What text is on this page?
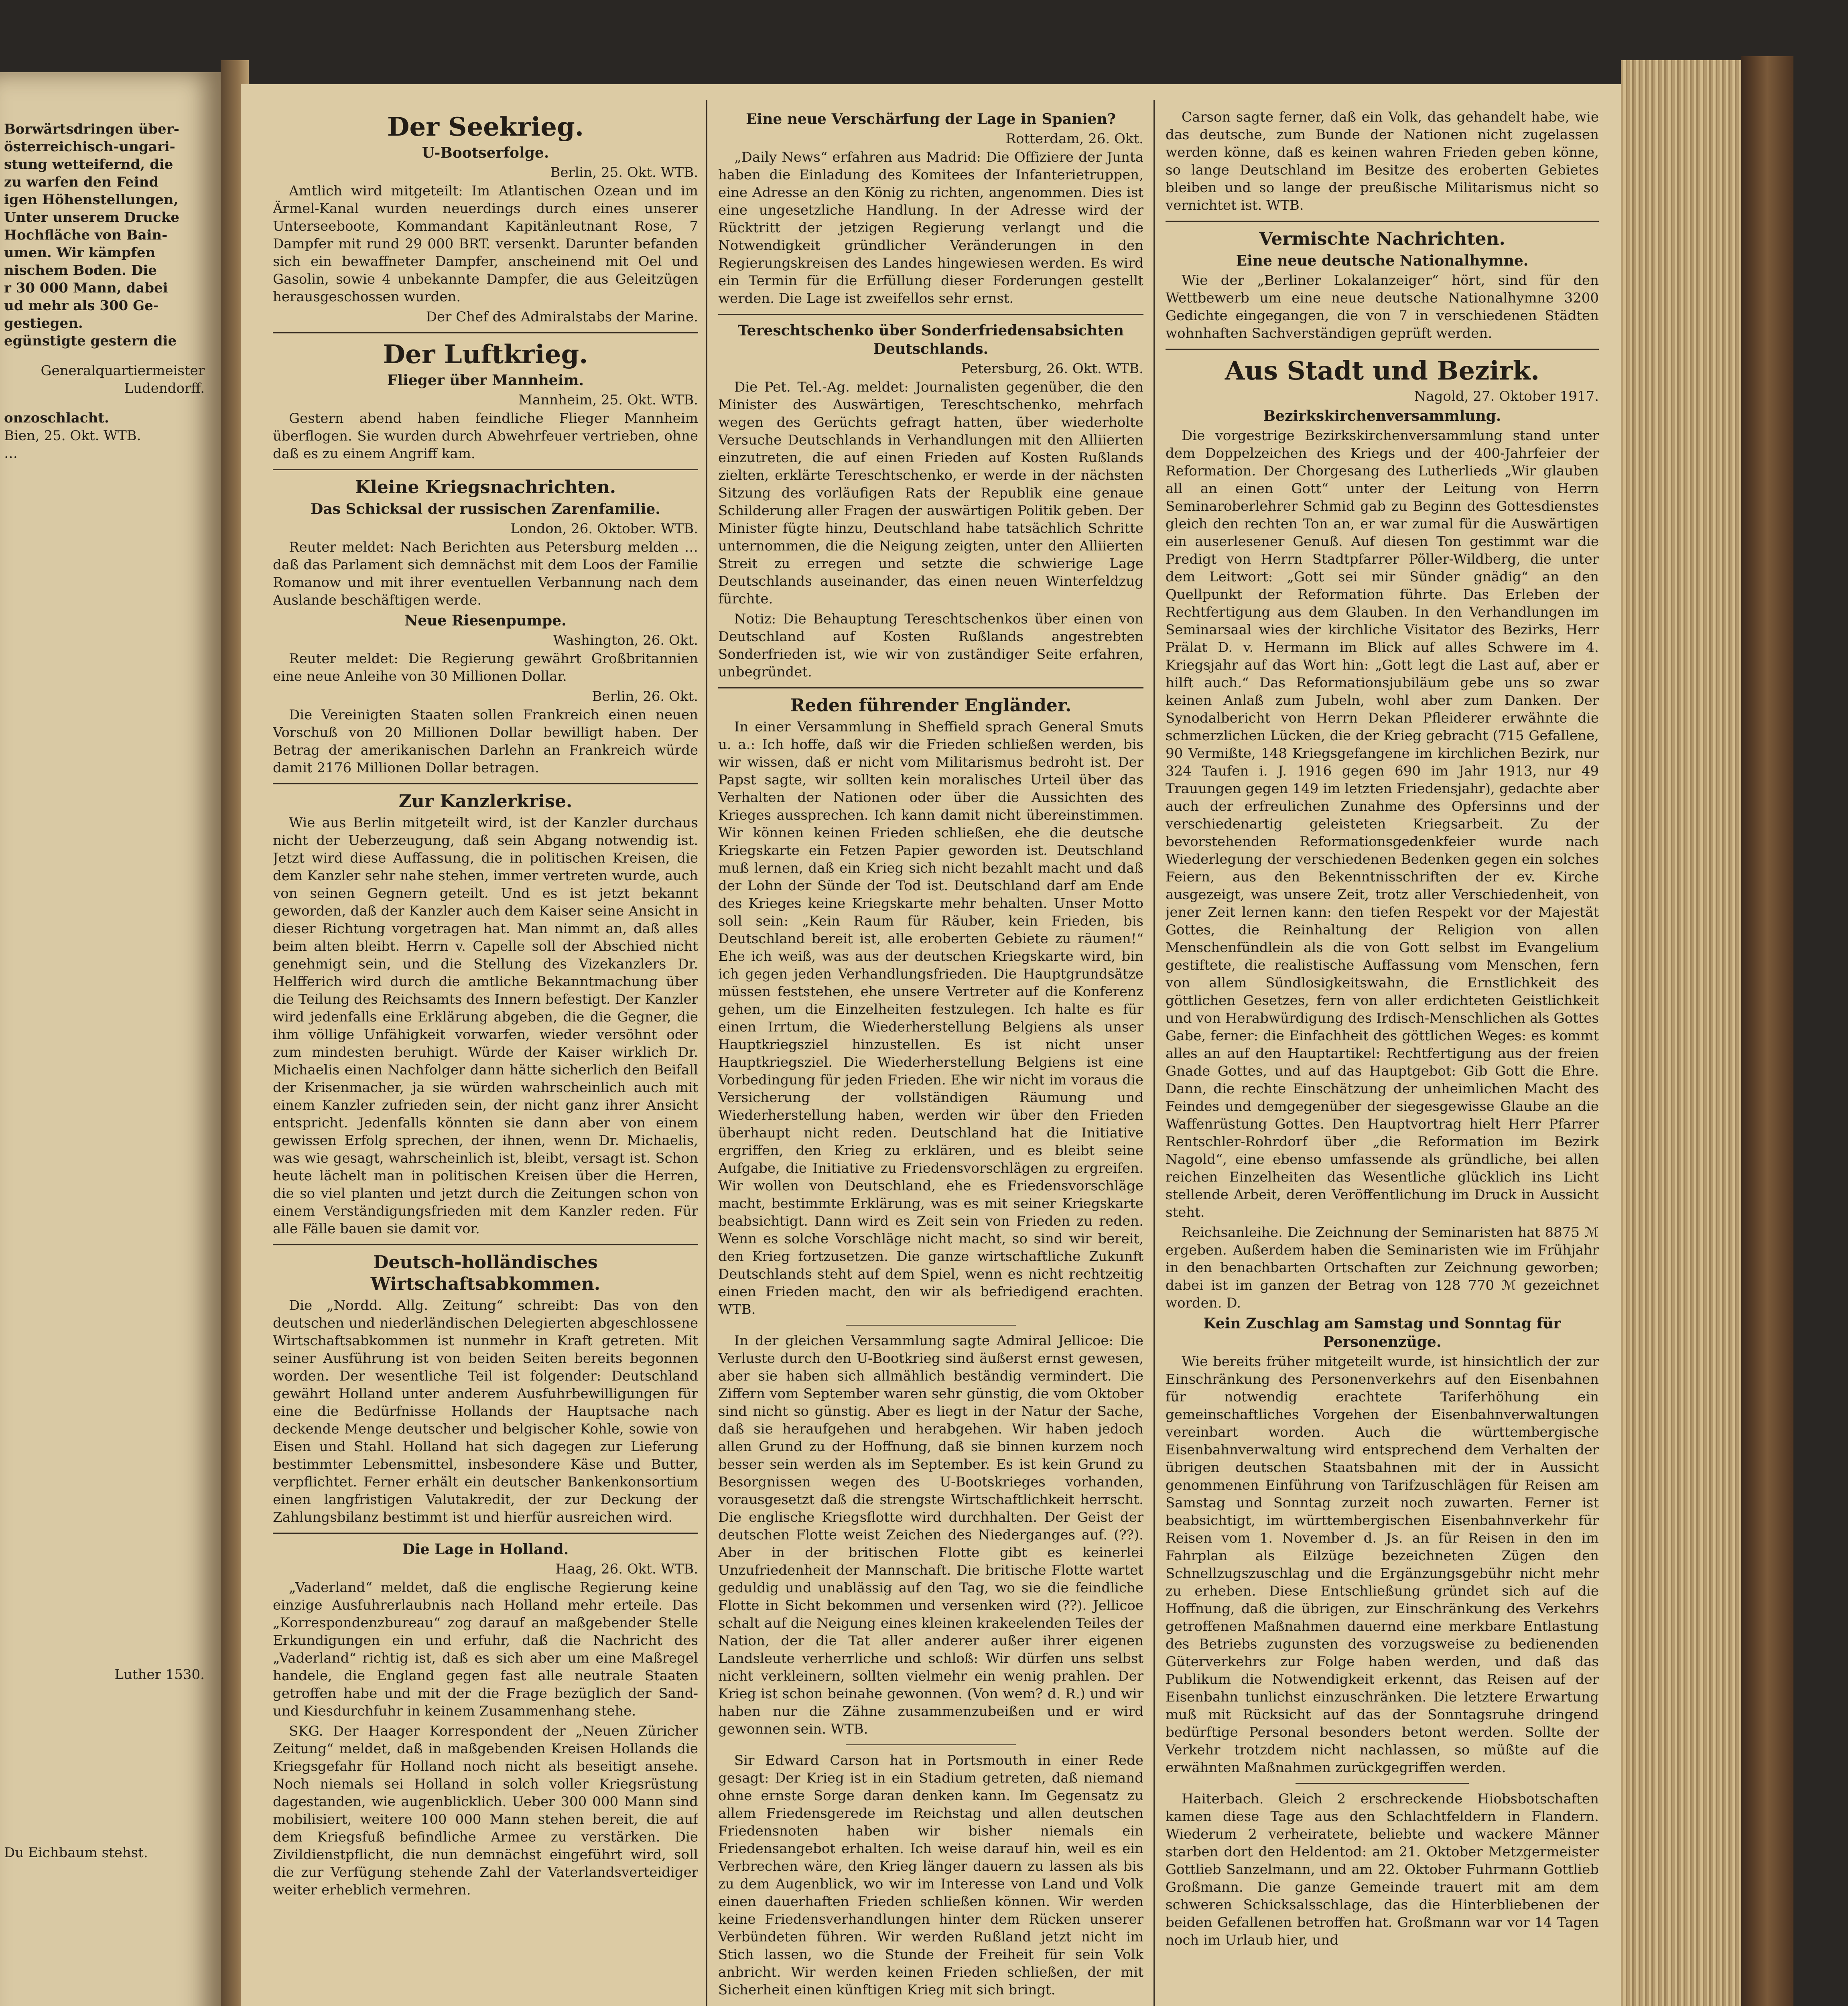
Borwärtsdringen über-
österreichisch-ungari-
stung wetteifernd, die
zu warfen den Feind
igen Höhenstellungen,
Unter unserem Drucke
Hochfläche von Bain-
umen. Wir kämpfen
nischem Boden. Die
r 30 000 Mann, dabei
ud mehr als 300 Ge-
gestiegen.
egünstigte gestern die
Generalquartiermeister
Ludendorff.
onzoschlacht.
Bien, 25. Okt. WTB.
…
Luther 1530.
Du Eichbaum stehst.
Der Seekrieg.
U-Bootserfolge.
Berlin, 25. Okt. WTB.

Amtlich wird mitgeteilt: Im Atlantischen Ozean und im Ärmel-Kanal wurden neuerdings durch eines unserer Unterseeboote, Kommandant Kapitänleutnant Rose, 7 Dampfer mit rund 29 000 BRT. versenkt. Darunter befanden sich ein bewaffneter Dampfer, anscheinend mit Oel und Gasolin, sowie 4 unbekannte Dampfer, die aus Geleitzügen herausgeschossen wurden.

Der Chef des Admiralstabs der Marine.
Der Luftkrieg.
Flieger über Mannheim.
Mannheim, 25. Okt. WTB.

Gestern abend haben feindliche Flieger Mannheim überflogen. Sie wurden durch Abwehrfeuer vertrieben, ohne daß es zu einem Angriff kam.

Kleine Kriegsnachrichten.
Das Schicksal der russischen Zarenfamilie.
London, 26. Oktober. WTB.

Reuter meldet: Nach Berichten aus Petersburg melden … daß das Parlament sich demnächst mit dem Loos der Familie Romanow und mit ihrer eventuellen Verbannung nach dem Auslande beschäftigen werde.

Neue Riesenpumpe.
Washington, 26. Okt.

Reuter meldet: Die Regierung gewährt Großbritannien eine neue Anleihe von 30 Millionen Dollar.

Berlin, 26. Okt.

Die Vereinigten Staaten sollen Frankreich einen neuen Vorschuß von 20 Millionen Dollar bewilligt haben. Der Betrag der amerikanischen Darlehn an Frankreich würde damit 2176 Millionen Dollar betragen.

Zur Kanzlerkrise.

Wie aus Berlin mitgeteilt wird, ist der Kanzler durchaus nicht der Ueberzeugung, daß sein Abgang notwendig ist. Jetzt wird diese Auffassung, die in politischen Kreisen, die dem Kanzler sehr nahe stehen, immer vertreten wurde, auch von seinen Gegnern geteilt. Und es ist jetzt bekannt geworden, daß der Kanzler auch dem Kaiser seine Ansicht in dieser Richtung vorgetragen hat. Man nimmt an, daß alles beim alten bleibt. Herrn v. Capelle soll der Abschied nicht genehmigt sein, und die Stellung des Vizekanzlers Dr. Helfferich wird durch die amtliche Bekanntmachung über die Teilung des Reichsamts des Innern befestigt. Der Kanzler wird jedenfalls eine Erklärung abgeben, die die Gegner, die ihm völlige Unfähigkeit vorwarfen, wieder versöhnt oder zum mindesten beruhigt. Würde der Kaiser wirklich Dr. Michaelis einen Nachfolger dann hätte sicherlich den Beifall der Krisenmacher, ja sie würden wahrscheinlich auch mit einem Kanzler zufrieden sein, der nicht ganz ihrer Ansicht entspricht. Jedenfalls könnten sie dann aber von einem gewissen Erfolg sprechen, der ihnen, wenn Dr. Michaelis, was wie gesagt, wahrscheinlich ist, bleibt, versagt ist. Schon heute lächelt man in politischen Kreisen über die Herren, die so viel planten und jetzt durch die Zeitungen schon von einem Verständigungsfrieden mit dem Kanzler reden. Für alle Fälle bauen sie damit vor.

Deutsch-holländisches Wirtschaftsabkommen.

Die „Nordd. Allg. Zeitung“ schreibt: Das von den deutschen und niederländischen Delegierten abgeschlossene Wirtschaftsabkommen ist nunmehr in Kraft getreten. Mit seiner Ausführung ist von beiden Seiten bereits begonnen worden. Der wesentliche Teil ist folgender: Deutschland gewährt Holland unter anderem Ausfuhrbewilligungen für eine die Bedürfnisse Hollands der Hauptsache nach deckende Menge deutscher und belgischer Kohle, sowie von Eisen und Stahl. Holland hat sich dagegen zur Lieferung bestimmter Lebensmittel, insbesondere Käse und Butter, verpflichtet. Ferner erhält ein deutscher Bankenkonsortium einen langfristigen Valutakredit, der zur Deckung der Zahlungsbilanz bestimmt ist und hierfür ausreichen wird.

Die Lage in Holland.
Haag, 26. Okt. WTB.

„Vaderland“ meldet, daß die englische Regierung keine einzige Ausfuhrerlaubnis nach Holland mehr erteile. Das „Korrespondenzbureau“ zog darauf an maßgebender Stelle Erkundigungen ein und erfuhr, daß die Nachricht des „Vaderland“ richtig ist, daß es sich aber um eine Maßregel handele, die England gegen fast alle neutrale Staaten getroffen habe und mit der die Frage bezüglich der Sand- und Kiesdurchfuhr in keinem Zusammenhang stehe.

SKG. Der Haager Korrespondent der „Neuen Züricher Zeitung“ meldet, daß in maßgebenden Kreisen Hollands die Kriegsgefahr für Holland noch nicht als beseitigt ansehe. Noch niemals sei Holland in solch voller Kriegsrüstung dagestanden, wie augenblicklich. Ueber 300 000 Mann sind mobilisiert, weitere 100 000 Mann stehen bereit, die auf dem Kriegsfuß befindliche Armee zu verstärken. Die Zivildienstpflicht, die nun demnächst eingeführt wird, soll die zur Verfügung stehende Zahl der Vaterlandsverteidiger weiter erheblich vermehren.

Eine neue Verschärfung der Lage in Spanien?
Rotterdam, 26. Okt.

„Daily News“ erfahren aus Madrid: Die Offiziere der Junta haben die Einladung des Komitees der Infanterietruppen, eine Adresse an den König zu richten, angenommen. Dies ist eine ungesetzliche Handlung. In der Adresse wird der Rücktritt der jetzigen Regierung verlangt und die Notwendigkeit gründlicher Veränderungen in den Regierungskreisen des Landes hingewiesen werden. Es wird ein Termin für die Erfüllung dieser Forderungen gestellt werden. Die Lage ist zweifellos sehr ernst.

Tereschtschenko über Sonderfriedensabsichten Deutschlands.
Petersburg, 26. Okt. WTB.

Die Pet. Tel.-Ag. meldet: Journalisten gegenüber, die den Minister des Auswärtigen, Tereschtschenko, mehrfach wegen des Gerüchts gefragt hatten, über wiederholte Versuche Deutschlands in Verhandlungen mit den Alliierten einzutreten, die auf einen Frieden auf Kosten Rußlands zielten, erklärte Tereschtschenko, er werde in der nächsten Sitzung des vorläufigen Rats der Republik eine genaue Schilderung aller Fragen der auswärtigen Politik geben. Der Minister fügte hinzu, Deutschland habe tatsächlich Schritte unternommen, die die Neigung zeigten, unter den Alliierten Streit zu erregen und setzte die schwierige Lage Deutschlands auseinander, das einen neuen Winterfeldzug fürchte.

Notiz: Die Behauptung Tereschtschenkos über einen von Deutschland auf Kosten Rußlands angestrebten Sonderfrieden ist, wie wir von zuständiger Seite erfahren, unbegründet.

Reden führender Engländer.

In einer Versammlung in Sheffield sprach General Smuts u. a.: Ich hoffe, daß wir die Frieden schließen werden, bis wir wissen, daß er nicht vom Militarismus bedroht ist. Der Papst sagte, wir sollten kein moralisches Urteil über das Verhalten der Nationen oder über die Aussichten des Krieges aussprechen. Ich kann damit nicht übereinstimmen. Wir können keinen Frieden schließen, ehe die deutsche Kriegskarte ein Fetzen Papier geworden ist. Deutschland muß lernen, daß ein Krieg sich nicht bezahlt macht und daß der Lohn der Sünde der Tod ist. Deutschland darf am Ende des Krieges keine Kriegskarte mehr behalten. Unser Motto soll sein: „Kein Raum für Räuber, kein Frieden, bis Deutschland bereit ist, alle eroberten Gebiete zu räumen!“ Ehe ich weiß, was aus der deutschen Kriegskarte wird, bin ich gegen jeden Verhandlungsfrieden. Die Hauptgrundsätze müssen feststehen, ehe unsere Vertreter auf die Konferenz gehen, um die Einzelheiten festzulegen. Ich halte es für einen Irrtum, die Wiederherstellung Belgiens als unser Hauptkriegsziel hinzustellen. Es ist nicht unser Hauptkriegsziel. Die Wiederherstellung Belgiens ist eine Vorbedingung für jeden Frieden. Ehe wir nicht im voraus die Versicherung der vollständigen Räumung und Wiederherstellung haben, werden wir über den Frieden überhaupt nicht reden. Deutschland hat die Initiative ergriffen, den Krieg zu erklären, und es bleibt seine Aufgabe, die Initiative zu Friedensvorschlägen zu ergreifen. Wir wollen von Deutschland, ehe es Friedensvorschläge macht, bestimmte Erklärung, was es mit seiner Kriegskarte beabsichtigt. Dann wird es Zeit sein von Frieden zu reden. Wenn es solche Vorschläge nicht macht, so sind wir bereit, den Krieg fortzusetzen. Die ganze wirtschaftliche Zukunft Deutschlands steht auf dem Spiel, wenn es nicht rechtzeitig einen Frieden macht, den wir als befriedigend erachten. WTB.

In der gleichen Versammlung sagte Admiral Jellicoe: Die Verluste durch den U-Bootkrieg sind äußerst ernst gewesen, aber sie haben sich allmählich beständig vermindert. Die Ziffern vom September waren sehr günstig, die vom Oktober sind nicht so günstig. Aber es liegt in der Natur der Sache, daß sie heraufgehen und herabgehen. Wir haben jedoch allen Grund zu der Hoffnung, daß sie binnen kurzem noch besser sein werden als im September. Es ist kein Grund zu Besorgnissen wegen des U-Bootskrieges vorhanden, vorausgesetzt daß die strengste Wirtschaftlichkeit herrscht. Die englische Kriegsflotte wird durchhalten. Der Geist der deutschen Flotte weist Zeichen des Niederganges auf. (??). Aber in der britischen Flotte gibt es keinerlei Unzufriedenheit der Mannschaft. Die britische Flotte wartet geduldig und unablässig auf den Tag, wo sie die feindliche Flotte in Sicht bekommen und versenken wird (??). Jellicoe schalt auf die Neigung eines kleinen krakeelenden Teiles der Nation, der die Tat aller anderer außer ihrer eigenen Landsleute verherrliche und schloß: Wir dürfen uns selbst nicht verkleinern, sollten vielmehr ein wenig prahlen. Der Krieg ist schon beinahe gewonnen. (Von wem? d. R.) und wir haben nur die Zähne zusammenzubeißen und er wird gewonnen sein. WTB.

Sir Edward Carson hat in Portsmouth in einer Rede gesagt: Der Krieg ist in ein Stadium getreten, daß niemand ohne ernste Sorge daran denken kann. Im Gegensatz zu allem Friedensgerede im Reichstag und allen deutschen Friedensnoten haben wir bisher niemals ein Friedensangebot erhalten. Ich weise darauf hin, weil es ein Verbrechen wäre, den Krieg länger dauern zu lassen als bis zu dem Augenblick, wo wir im Interesse von Land und Volk einen dauerhaften Frieden schließen können. Wir werden keine Friedensverhandlungen hinter dem Rücken unserer Verbündeten führen. Wir werden Rußland jetzt nicht im Stich lassen, wo die Stunde der Freiheit für sein Volk anbricht. Wir werden keinen Frieden schließen, der mit Sicherheit einen künftigen Krieg mit sich bringt.

Carson sagte ferner, daß ein Volk, das gehandelt habe, wie das deutsche, zum Bunde der Nationen nicht zugelassen werden könne, daß es keinen wahren Frieden geben könne, so lange Deutschland im Besitze des eroberten Gebietes bleiben und so lange der preußische Militarismus nicht so vernichtet ist. WTB.

Vermischte Nachrichten.
Eine neue deutsche Nationalhymne.

Wie der „Berliner Lokalanzeiger“ hört, sind für den Wettbewerb um eine neue deutsche Nationalhymne 3200 Gedichte eingegangen, die von 7 in verschiedenen Städten wohnhaften Sachverständigen geprüft werden.

Aus Stadt und Bezirk.
Nagold, 27. Oktober 1917.
Bezirkskirchenversammlung.

Die vorgestrige Bezirkskirchenversammlung stand unter dem Doppelzeichen des Kriegs und der 400-Jahrfeier der Reformation. Der Chorgesang des Lutherlieds „Wir glauben all an einen Gott“ unter der Leitung von Herrn Seminaroberlehrer Schmid gab zu Beginn des Gottesdienstes gleich den rechten Ton an, er war zumal für die Auswärtigen ein auserlesener Genuß. Auf diesen Ton gestimmt war die Predigt von Herrn Stadtpfarrer Pöller-Wildberg, die unter dem Leitwort: „Gott sei mir Sünder gnädig“ an den Quellpunkt der Reformation führte. Das Erleben der Rechtfertigung aus dem Glauben. In den Verhandlungen im Seminarsaal wies der kirchliche Visitator des Bezirks, Herr Prälat D. v. Hermann im Blick auf alles Schwere im 4. Kriegsjahr auf das Wort hin: „Gott legt die Last auf, aber er hilft auch.“ Das Reformationsjubiläum gebe uns so zwar keinen Anlaß zum Jubeln, wohl aber zum Danken. Der Synodalbericht von Herrn Dekan Pfleiderer erwähnte die schmerzlichen Lücken, die der Krieg gebracht (715 Gefallene, 90 Vermißte, 148 Kriegsgefangene im kirchlichen Bezirk, nur 324 Taufen i. J. 1916 gegen 690 im Jahr 1913, nur 49 Trauungen gegen 149 im letzten Friedensjahr), gedachte aber auch der erfreulichen Zunahme des Opfersinns und der verschiedenartig geleisteten Kriegsarbeit. Zu der bevorstehenden Reformationsgedenkfeier wurde nach Wiederlegung der verschiedenen Bedenken gegen ein solches Feiern, aus den Bekenntnisschriften der ev. Kirche ausgezeigt, was unsere Zeit, trotz aller Verschiedenheit, von jener Zeit lernen kann: den tiefen Respekt vor der Majestät Gottes, die Reinhaltung der Religion von allen Menschenfündlein als die von Gott selbst im Evangelium gestiftete, die realistische Auffassung vom Menschen, fern von allem Sündlosigkeitswahn, die Ernstlichkeit des göttlichen Gesetzes, fern von aller erdichteten Geistlichkeit und von Herabwürdigung des Irdisch-Menschlichen als Gottes Gabe, ferner: die Einfachheit des göttlichen Weges: es kommt alles an auf den Hauptartikel: Rechtfertigung aus der freien Gnade Gottes, und auf das Hauptgebot: Gib Gott die Ehre. Dann, die rechte Einschätzung der unheimlichen Macht des Feindes und demgegenüber der siegesgewisse Glaube an die Waffenrüstung Gottes. Den Hauptvortrag hielt Herr Pfarrer Rentschler-Rohrdorf über „die Reformation im Bezirk Nagold“, eine ebenso umfassende als gründliche, bei allen reichen Einzelheiten das Wesentliche glücklich ins Licht stellende Arbeit, deren Veröffentlichung im Druck in Aussicht steht.

Reichsanleihe. Die Zeichnung der Seminaristen hat 8875 ℳ ergeben. Außerdem haben die Seminaristen wie im Frühjahr in den benachbarten Ortschaften zur Zeichnung geworben; dabei ist im ganzen der Betrag von 128 770 ℳ gezeichnet worden. D.

Kein Zuschlag am Samstag und Sonntag für Personenzüge.

Wie bereits früher mitgeteilt wurde, ist hinsichtlich der zur Einschränkung des Personenverkehrs auf den Eisenbahnen für notwendig erachtete Tariferhöhung ein gemeinschaftliches Vorgehen der Eisenbahnverwaltungen vereinbart worden. Auch die württembergische Eisenbahnverwaltung wird entsprechend dem Verhalten der übrigen deutschen Staatsbahnen mit der in Aussicht genommenen Einführung von Tarifzuschlägen für Reisen am Samstag und Sonntag zurzeit noch zuwarten. Ferner ist beabsichtigt, im württembergischen Eisenbahnverkehr für Reisen vom 1. November d. Js. an für Reisen in den im Fahrplan als Eilzüge bezeichneten Zügen den Schnellzugszuschlag und die Ergänzungsgebühr nicht mehr zu erheben. Diese Entschließung gründet sich auf die Hoffnung, daß die übrigen, zur Einschränkung des Verkehrs getroffenen Maßnahmen dauernd eine merkbare Entlastung des Betriebs zugunsten des vorzugsweise zu bedienenden Güterverkehrs zur Folge haben werden, und daß das Publikum die Notwendigkeit erkennt, das Reisen auf der Eisenbahn tunlichst einzuschränken. Die letztere Erwartung muß mit Rücksicht auf das der Sonntagsruhe dringend bedürftige Personal besonders betont werden. Sollte der Verkehr trotzdem nicht nachlassen, so müßte auf die erwähnten Maßnahmen zurückgegriffen werden.

Haiterbach. Gleich 2 erschreckende Hiobsbotschaften kamen diese Tage aus den Schlachtfeldern in Flandern. Wiederum 2 verheiratete, beliebte und wackere Männer starben dort den Heldentod: am 21. Oktober Metzgermeister Gottlieb Sanzelmann, und am 22. Oktober Fuhrmann Gottlieb Großmann. Die ganze Gemeinde trauert mit am dem schweren Schicksalsschlage, das die Hinterbliebenen der beiden Gefallenen betroffen hat. Großmann war vor 14 Tagen noch im Urlaub hier, und
